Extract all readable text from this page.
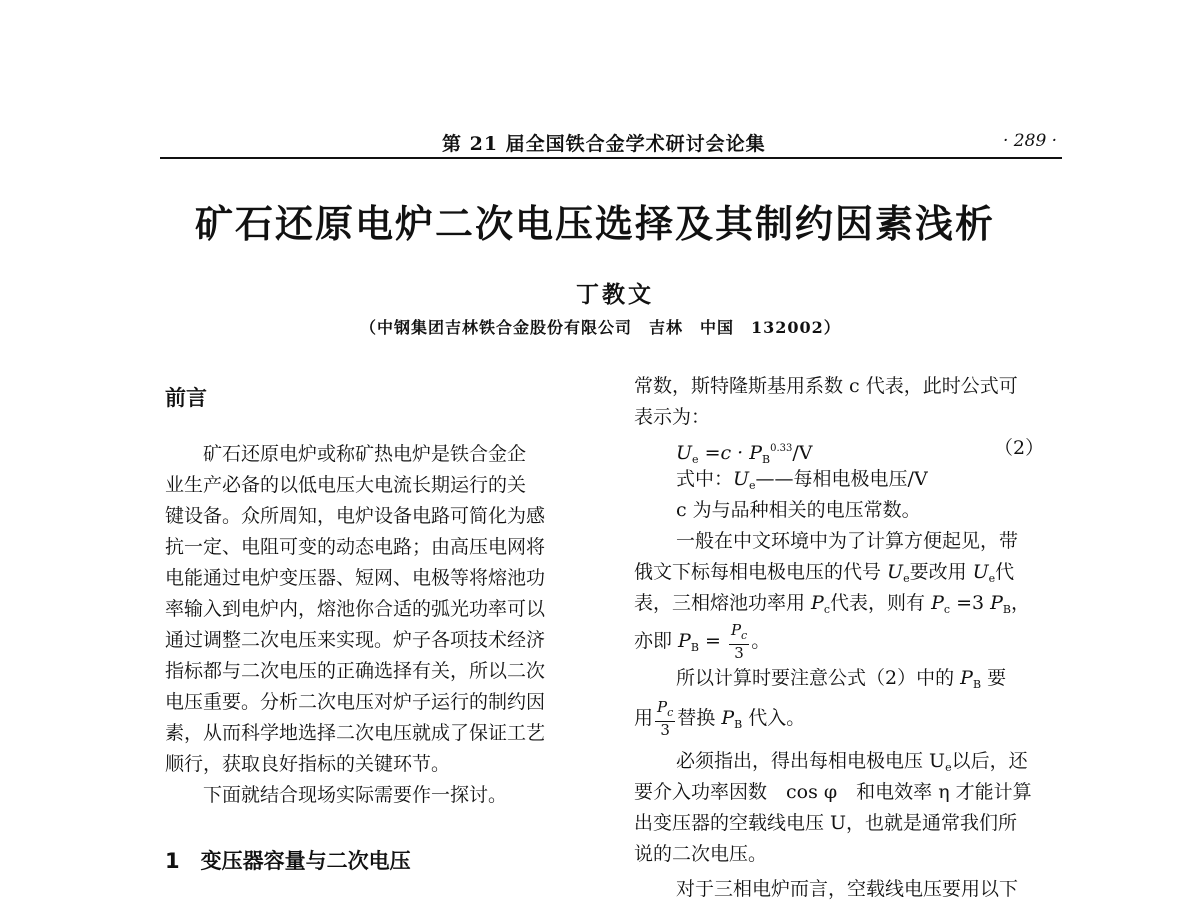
第 21 届全国铁合金学术研讨会论集	· 289 ·
矿石还原电炉二次电压选择及其制约因素浅析
丁教文
（中钢集团吉林铁合金股份有限公司　吉林　中国　132002）
前言
矿石还原电炉或称矿热电炉是铁合金企
业生产必备的以低电压大电流长期运行的关
键设备。众所周知，电炉设备电路可简化为感
抗一定、电阻可变的动态电路；由高压电网将
电能通过电炉变压器、短网、电极等将熔池功
率输入到电炉内，熔池你合适的弧光功率可以
通过调整二次电压来实现。炉子各项技术经济
指标都与二次电压的正确选择有关，所以二次
电压重要。分析二次电压对炉子运行的制约因
素，从而科学地选择二次电压就成了保证工艺
顺行，获取良好指标的关键环节。
下面就结合现场实际需要作一探讨。
1　变压器容量与二次电压
常数，斯特隆斯基用系数 c 代表，此时公式可
表示为：
$U_e =c \cdot P_B^{0.33}/V$	（2）
式中：$U_e——$每相电极电压/V
c 为与品种相关的电压常数。
一般在中文环境中为了计算方便起见，带
俄文下标每相电极电压的代号 $U_e$要改用 $U_e$代
表，三相熔池功率用 $P_c$代表，则有 $P_c =3$ $P_B$，
亦即 $P_B = \frac{P_c}{3}$ 。
所以计算时要注意公式（2）中的 $P_B$ 要
用 $\frac{P_c}{3}$ 替换 $P_B$ 代入。
必须指出，得出每相电极电压 $U_e$以后，还
要介入功率因数　cos φ　和电效率 η 才能计算
出变压器的空载线电压 U，也就是通常我们所
说的二次电压。
对于三相电炉而言，空载线电压要用以下
